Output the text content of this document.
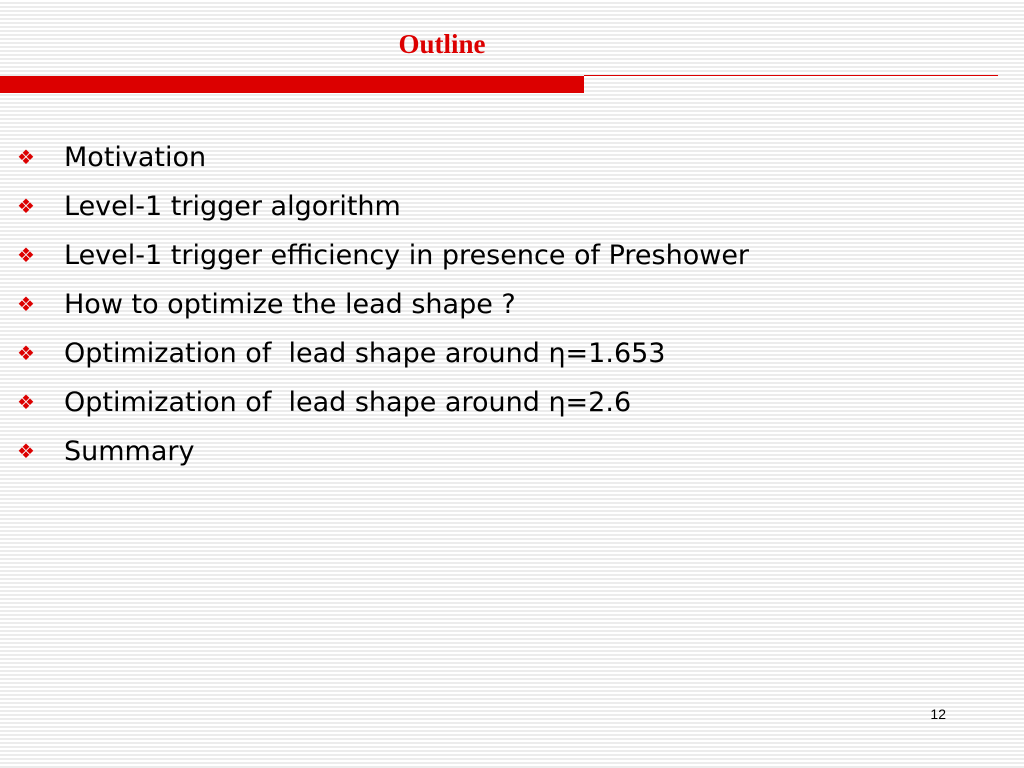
Outline
❖ Motivation
❖ Level-1 trigger algorithm
❖ Level-1 trigger efficiency in presence of Preshower
❖ How to optimize the lead shape ?
❖ Optimization of  lead shape around η=1.653
❖ Optimization of  lead shape around η=2.6
❖ Summary
12
